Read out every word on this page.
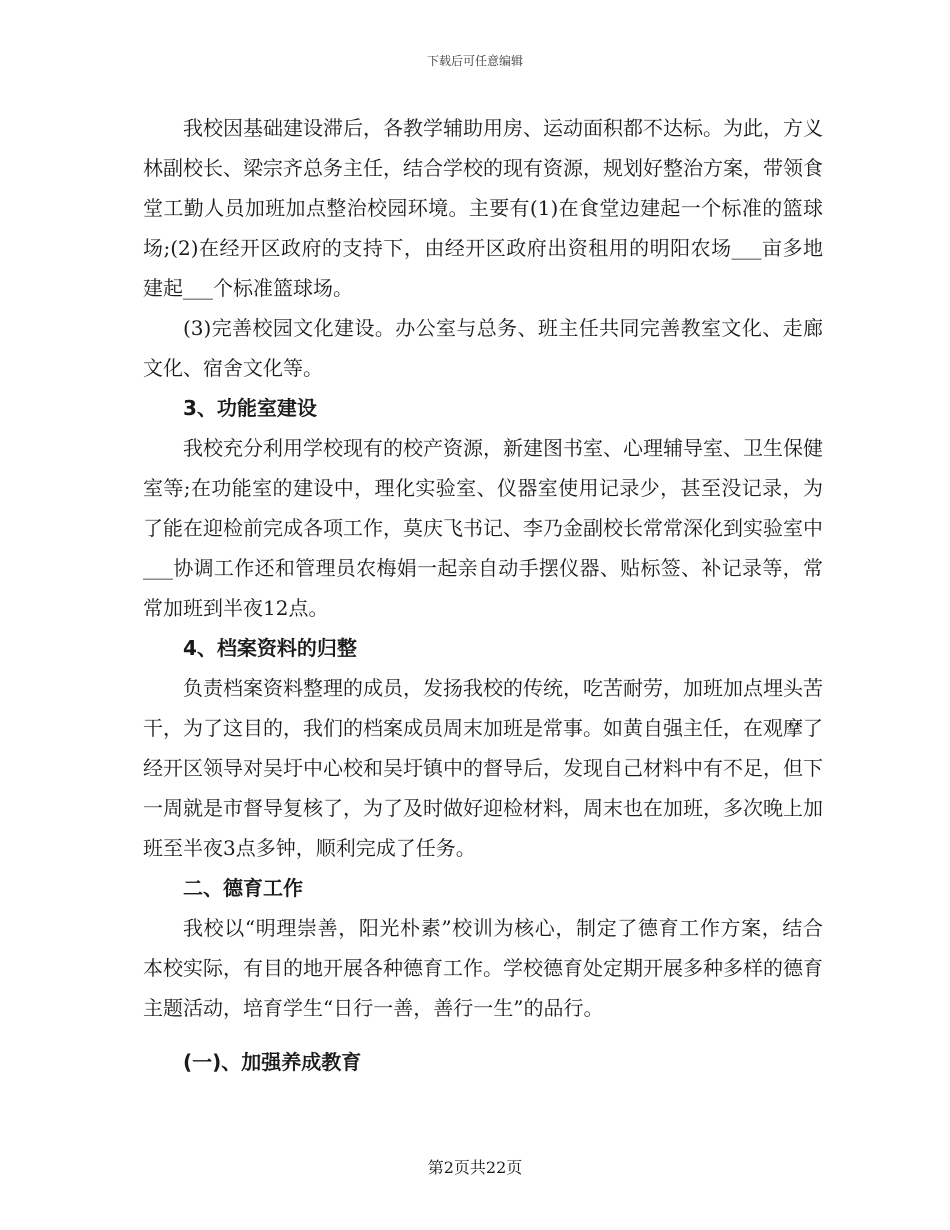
下载后可任意编辑

我校因基础建设滞后，各教学辅助用房、运动面积都不达标。为此，方义林副校长、梁宗齐总务主任，结合学校的现有资源，规划好整治方案，带领食堂工勤人员加班加点整治校园环境。主要有(1)在食堂边建起一个标准的篮球场;(2)在经开区政府的支持下，由经开区政府出资租用的明阳农场___亩多地建起___个标准篮球场。

(3)完善校园文化建设。办公室与总务、班主任共同完善教室文化、走廊文化、宿舍文化等。

3、功能室建设

我校充分利用学校现有的校产资源，新建图书室、心理辅导室、卫生保健室等;在功能室的建设中，理化实验室、仪器室使用记录少，甚至没记录，为了能在迎检前完成各项工作，莫庆飞书记、李乃金副校长常常深化到实验室中___协调工作还和管理员农梅娟一起亲自动手摆仪器、贴标签、补记录等，常常加班到半夜12点。

4、档案资料的归整

负责档案资料整理的成员，发扬我校的传统，吃苦耐劳，加班加点埋头苦干，为了这目的，我们的档案成员周末加班是常事。如黄自强主任，在观摩了经开区领导对吴圩中心校和吴圩镇中的督导后，发现自己材料中有不足，但下一周就是市督导复核了，为了及时做好迎检材料，周末也在加班，多次晚上加班至半夜3点多钟，顺利完成了任务。

二、德育工作

我校以“明理崇善，阳光朴素”校训为核心，制定了德育工作方案，结合本校实际，有目的地开展各种德育工作。学校德育处定期开展多种多样的德育主题活动，培育学生“日行一善，善行一生”的品行。

(一)、加强养成教育
第2页共22页
